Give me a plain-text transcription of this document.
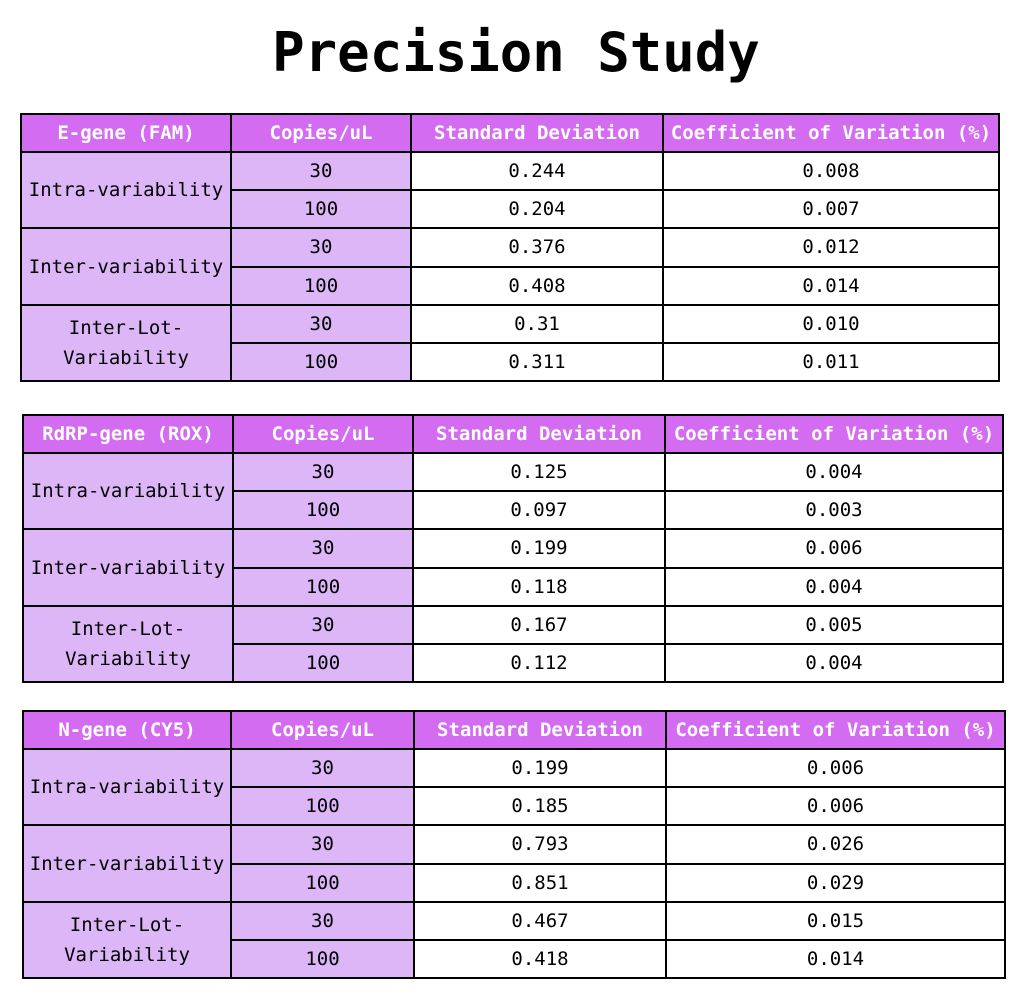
Precision Study
E-gene (FAM)	Copies/uL	Standard Deviation	Coefficient of Variation (%)
Intra-variability	30	0.244	0.008
	100	0.204	0.007
Inter-variability	30	0.376	0.012
	100	0.408	0.014

Inter-Lot-
Variability	30	0.31	0.010
	100	0.311	0.011
RdRP-gene (ROX)	Copies/uL	Standard Deviation	Coefficient of Variation (%)
Intra-variability	30	0.125	0.004
	100	0.097	0.003
Inter-variability	30	0.199	0.006
	100	0.118	0.004

Inter-Lot-
Variability	30	0.167	0.005
	100	0.112	0.004
N-gene (CY5)	Copies/uL	Standard Deviation	Coefficient of Variation (%)
Intra-variability	30	0.199	0.006
	100	0.185	0.006
Inter-variability	30	0.793	0.026
	100	0.851	0.029

Inter-Lot-
Variability	30	0.467	0.015
	100	0.418	0.014
